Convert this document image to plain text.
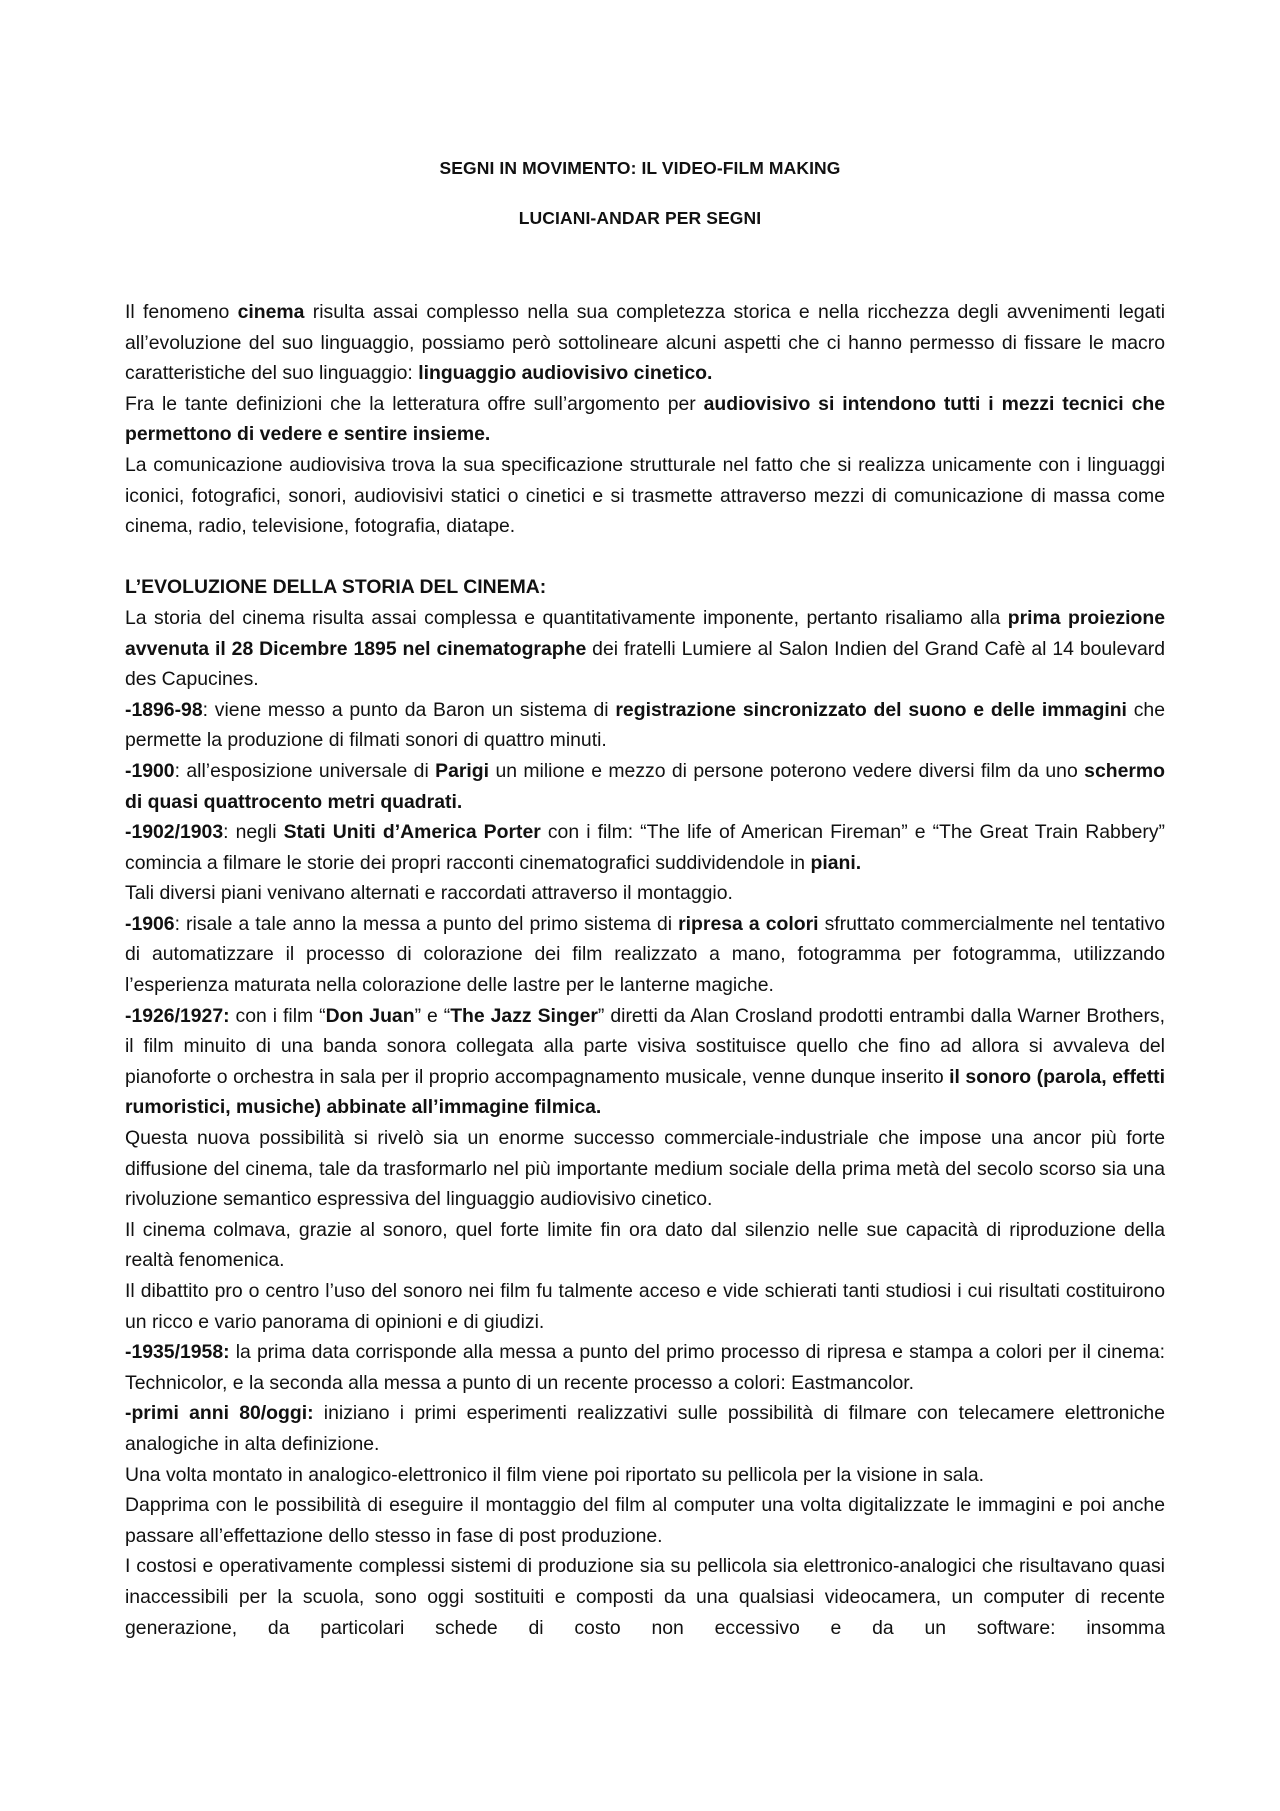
SEGNI IN MOVIMENTO: IL VIDEO-FILM MAKING
LUCIANI-ANDAR PER SEGNI

Il fenomeno cinema risulta assai complesso nella sua completezza storica e nella ricchezza degli avvenimenti legati all’evoluzione del suo linguaggio, possiamo però sottolineare alcuni aspetti che ci hanno permesso di fissare le macro caratteristiche del suo linguaggio: linguaggio audiovisivo cinetico.

Fra le tante definizioni che la letteratura offre sull’argomento per audiovisivo si intendono tutti i mezzi tecnici che permettono di vedere e sentire insieme.

La comunicazione audiovisiva trova la sua specificazione strutturale nel fatto che si realizza unicamente con i linguaggi iconici, fotografici, sonori, audiovisivi statici o cinetici e si trasmette attraverso mezzi di comunicazione di massa come cinema, radio, televisione, fotografia, diatape.

L’EVOLUZIONE DELLA STORIA DEL CINEMA:

La storia del cinema risulta assai complessa e quantitativamente imponente, pertanto risaliamo alla prima proiezione avvenuta il 28 Dicembre 1895 nel cinematographe dei fratelli Lumiere al Salon Indien del Grand Cafè al 14 boulevard des Capucines.

-1896-98: viene messo a punto da Baron un sistema di registrazione sincronizzato del suono e delle immagini che permette la produzione di filmati sonori di quattro minuti.

-1900: all’esposizione universale di Parigi un milione e mezzo di persone poterono vedere diversi film da uno schermo di quasi quattrocento metri quadrati.

-1902/1903: negli Stati Uniti d’America Porter con i film: “The life of American Fireman” e “The Great Train Rabbery” comincia a filmare le storie dei propri racconti cinematografici suddividendole in piani.

Tali diversi piani venivano alternati e raccordati attraverso il montaggio.

-1906: risale a tale anno la messa a punto del primo sistema di ripresa a colori sfruttato commercialmente nel tentativo di automatizzare il processo di colorazione dei film realizzato a mano, fotogramma per fotogramma, utilizzando l’esperienza maturata nella colorazione delle lastre per le lanterne magiche.

-1926/1927: con i film “Don Juan” e “The Jazz Singer” diretti da Alan Crosland prodotti entrambi dalla Warner Brothers, il film minuito di una banda sonora collegata alla parte visiva sostituisce quello che fino ad allora si avvaleva del pianoforte o orchestra in sala per il proprio accompagnamento musicale, venne dunque inserito il sonoro (parola, effetti rumoristici, musiche) abbinate all’immagine filmica.

Questa nuova possibilità si rivelò sia un enorme successo commerciale-industriale che impose una ancor più forte diffusione del cinema, tale da trasformarlo nel più importante medium sociale della prima metà del secolo scorso sia una rivoluzione semantico espressiva del linguaggio audiovisivo cinetico.

Il cinema colmava, grazie al sonoro, quel forte limite fin ora dato dal silenzio nelle sue capacità di riproduzione della realtà fenomenica.

Il dibattito pro o centro l’uso del sonoro nei film fu talmente acceso e vide schierati tanti studiosi i cui risultati costituirono un ricco e vario panorama di opinioni e di giudizi.

-1935/1958: la prima data corrisponde alla messa a punto del primo processo di ripresa e stampa a colori per il cinema: Technicolor, e la seconda alla messa a punto di un recente processo a colori: Eastmancolor.

-primi anni 80/oggi: iniziano i primi esperimenti realizzativi sulle possibilità di filmare con telecamere elettroniche analogiche in alta definizione.

Una volta montato in analogico-elettronico il film viene poi riportato su pellicola per la visione in sala.

Dapprima con le possibilità di eseguire il montaggio del film al computer una volta digitalizzate le immagini e poi anche passare all’effettazione dello stesso in fase di post produzione.

I costosi e operativamente complessi sistemi di produzione sia su pellicola sia elettronico-analogici che risultavano quasi inaccessibili per la scuola, sono oggi sostituiti e composti da una qualsiasi videocamera, un computer di recente generazione, da particolari schede di costo non eccessivo e da un software: insomma
